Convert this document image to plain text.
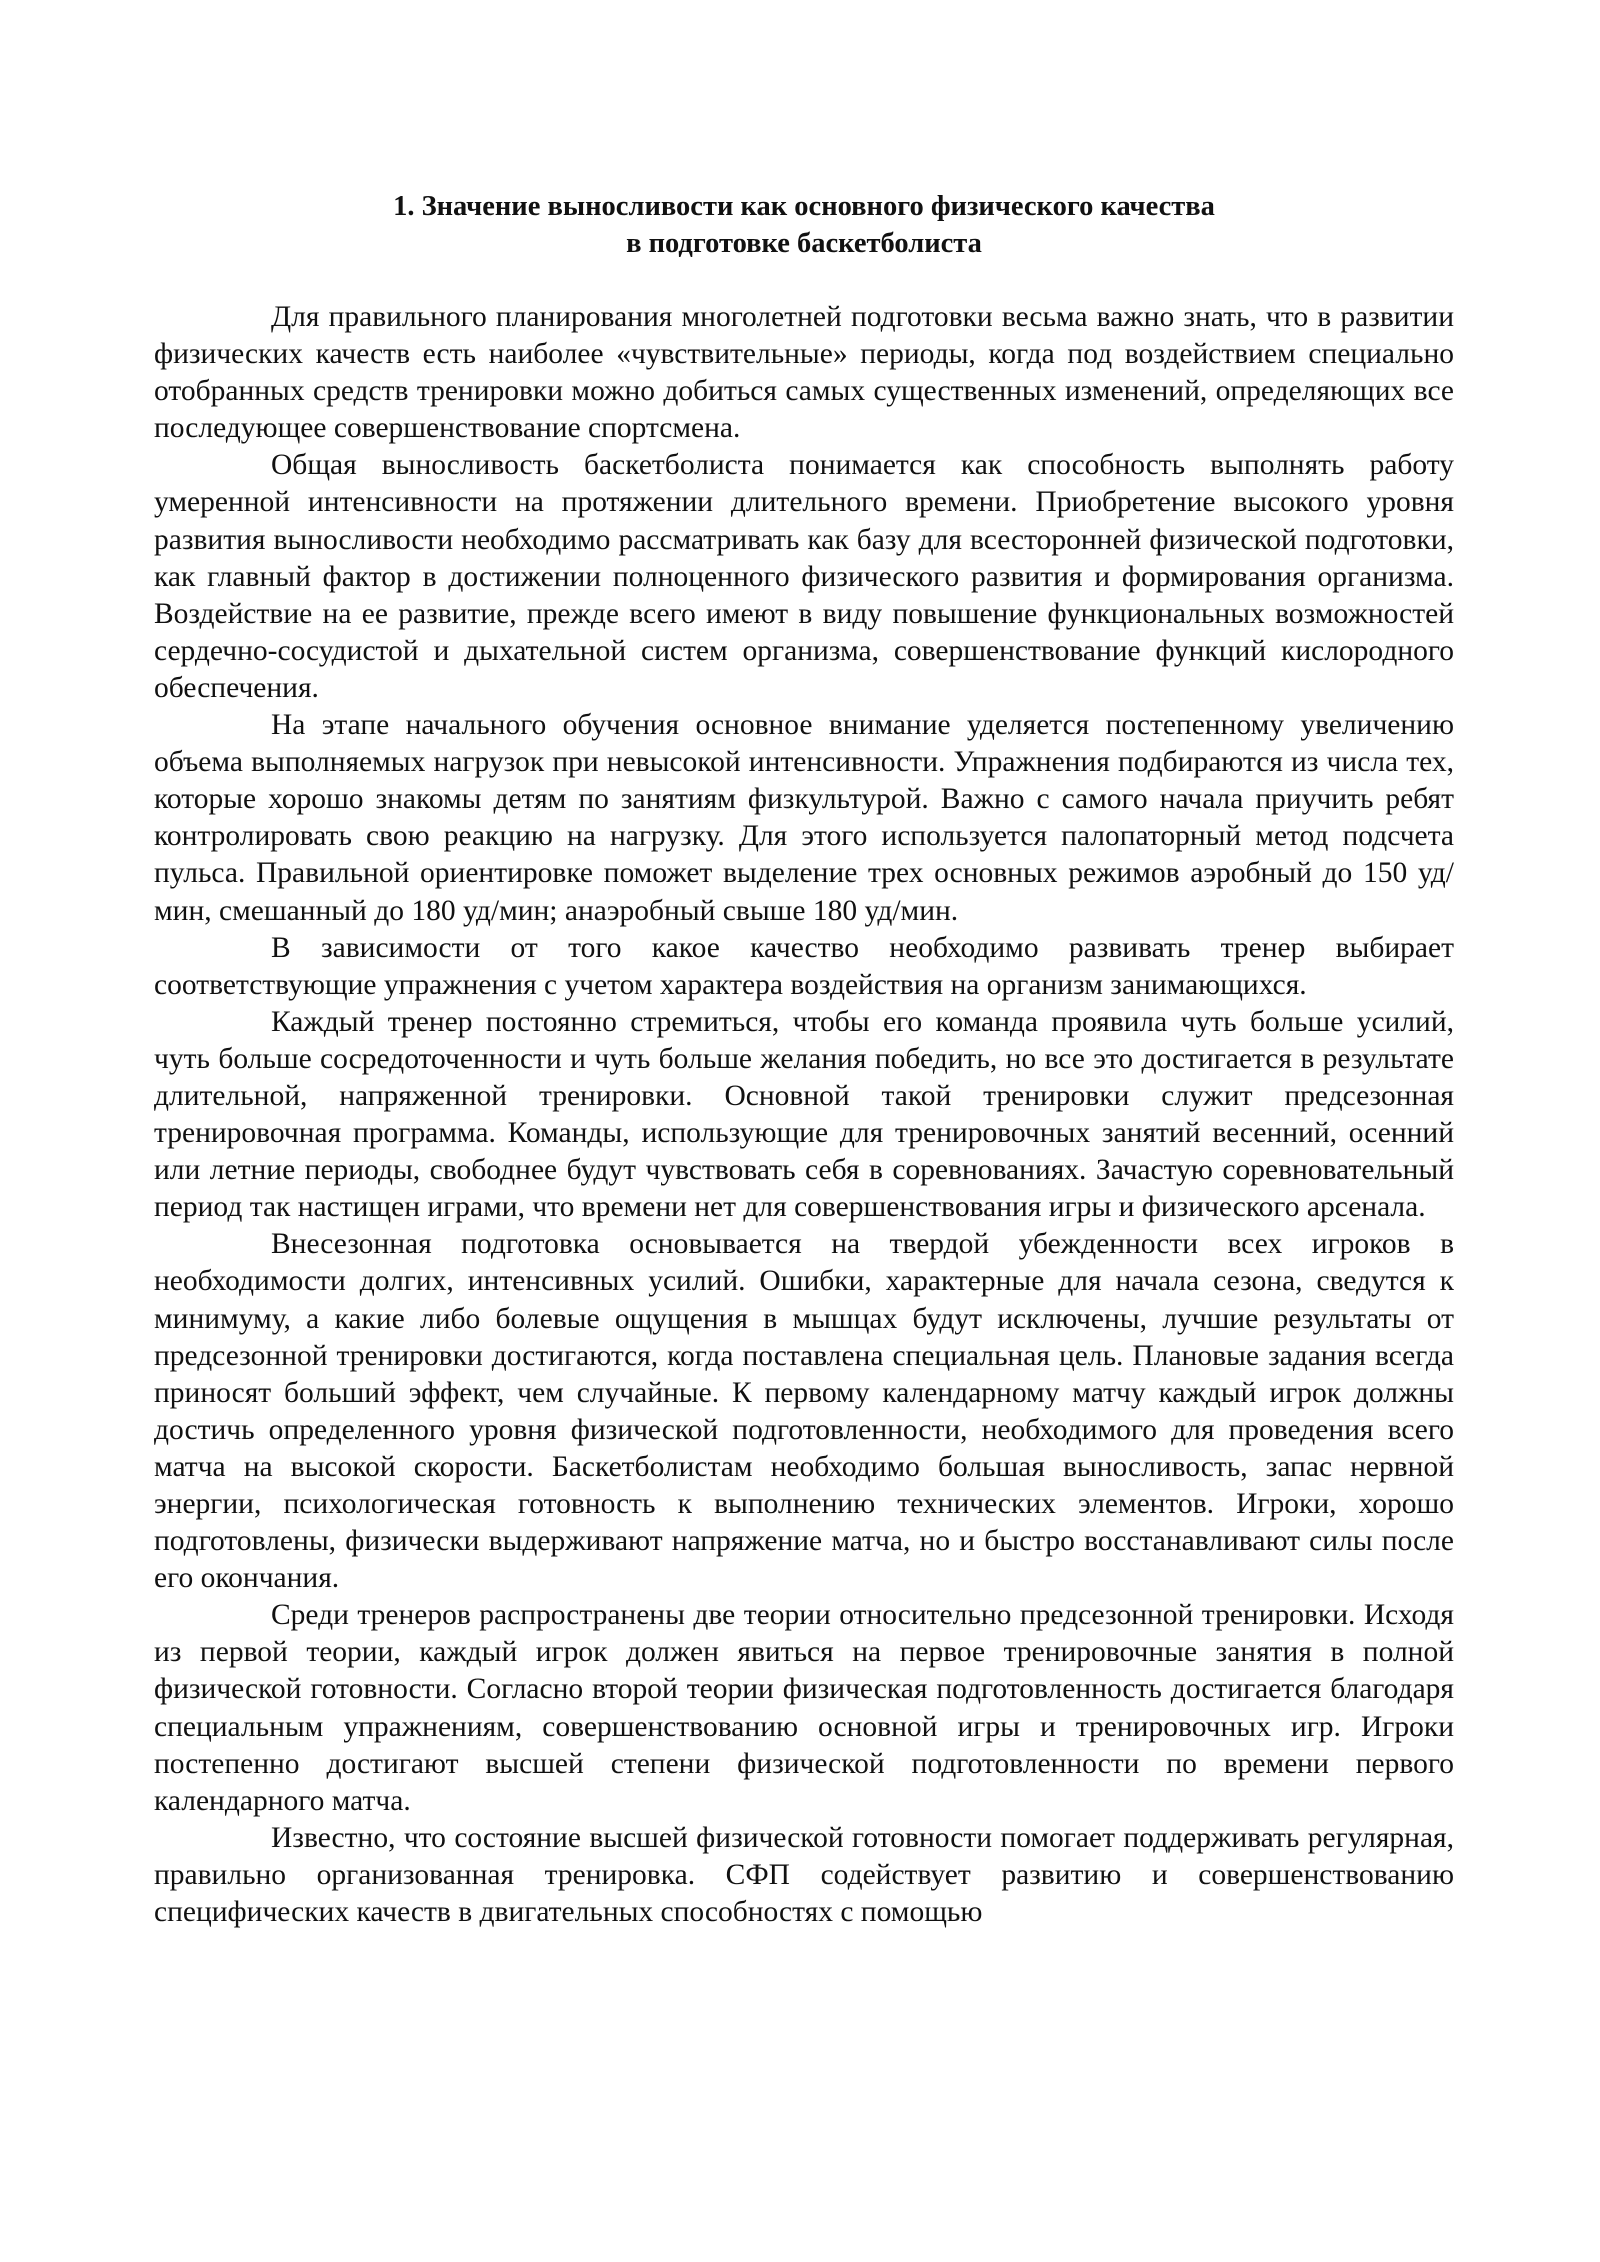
1. Значение выносливости как основного физического качества
в подготовке баскетболиста

Для правильного планирования многолетней подготовки весьма важно знать, что в развитии физических качеств есть наиболее «чувствительные» периоды, когда под воздействием специально отобранных средств тренировки можно добиться самых существенных изменений, определяющих все последующее совершенствование спортсмена.

Общая выносливость баскетболиста понимается как способность выполнять работу умеренной интенсивности на протяжении длительного времени. Приобретение высокого уровня развития выносливости необходимо рассматривать как базу для всесторонней физической подготовки, как главный фактор в достижении полноценного физического развития и формирования организма. Воздействие на ее развитие, прежде всего имеют в виду повышение функциональных возможностей сердечно-сосудистой и дыхательной систем организма, совершенствование функций кислородного обеспечения.

На этапе начального обучения основное внимание уделяется постепенному увеличению объема выполняемых нагрузок при невысокой интенсивности. Упражнения подбираются из числа тех, которые хорошо знакомы детям по занятиям физкультурой. Важно с самого начала приучить ребят контролировать свою реакцию на нагрузку. Для этого используется палопаторный метод подсчета пульса. Правильной ориентировке поможет выделение трех основных режимов аэробный до 150 уд/мин, смешанный до 180 уд/мин; анаэробный свыше 180 уд/мин.

В зависимости от того какое качество необходимо развивать тренер выбирает соответствующие упражнения с учетом характера воздействия на организм занимающихся.

Каждый тренер постоянно стремиться, чтобы его команда проявила чуть больше усилий, чуть больше сосредоточенности и чуть больше желания победить, но все это достигается в результате длительной, напряженной тренировки. Основной такой тренировки служит предсезонная тренировочная программа. Команды, использующие для тренировочных занятий весенний, осенний или летние периоды, свободнее будут чувствовать себя в соревнованиях. Зачастую соревновательный период так настищен играми, что времени нет для совершенствования игры и физического арсенала.

Внесезонная подготовка основывается на твердой убежденности всех игроков в необходимости долгих, интенсивных усилий. Ошибки, характерные для начала сезона, сведутся к минимуму, а какие либо болевые ощущения в мышцах будут исключены, лучшие результаты от предсезонной тренировки достигаются, когда поставлена специальная цель. Плановые задания всегда приносят больший эффект, чем случайные. К первому календарному матчу каждый игрок должны достичь определенного уровня физической подготовленности, необходимого для проведения всего матча на высокой скорости. Баскетболистам необходимо большая выносливость, запас нервной энергии, психологическая готовность к выполнению технических элементов. Игроки, хорошо подготовлены, физически выдерживают напряжение матча, но и быстро восстанавливают силы после его окончания.

Среди тренеров распространены две теории относительно предсезонной тренировки. Исходя из первой теории, каждый игрок должен явиться на первое тренировочные занятия в полной физической готовности. Согласно второй теории физическая подготовленность достигается благодаря специальным упражнениям, совершенствованию основной игры и тренировочных игр. Игроки постепенно достигают высшей степени физической подготовленности по времени первого календарного матча.

Известно, что состояние высшей физической готовности помогает поддерживать регулярная, правильно организованная тренировка. СФП содействует развитию и совершенствованию специфических качеств в двигательных способностях с помощью
